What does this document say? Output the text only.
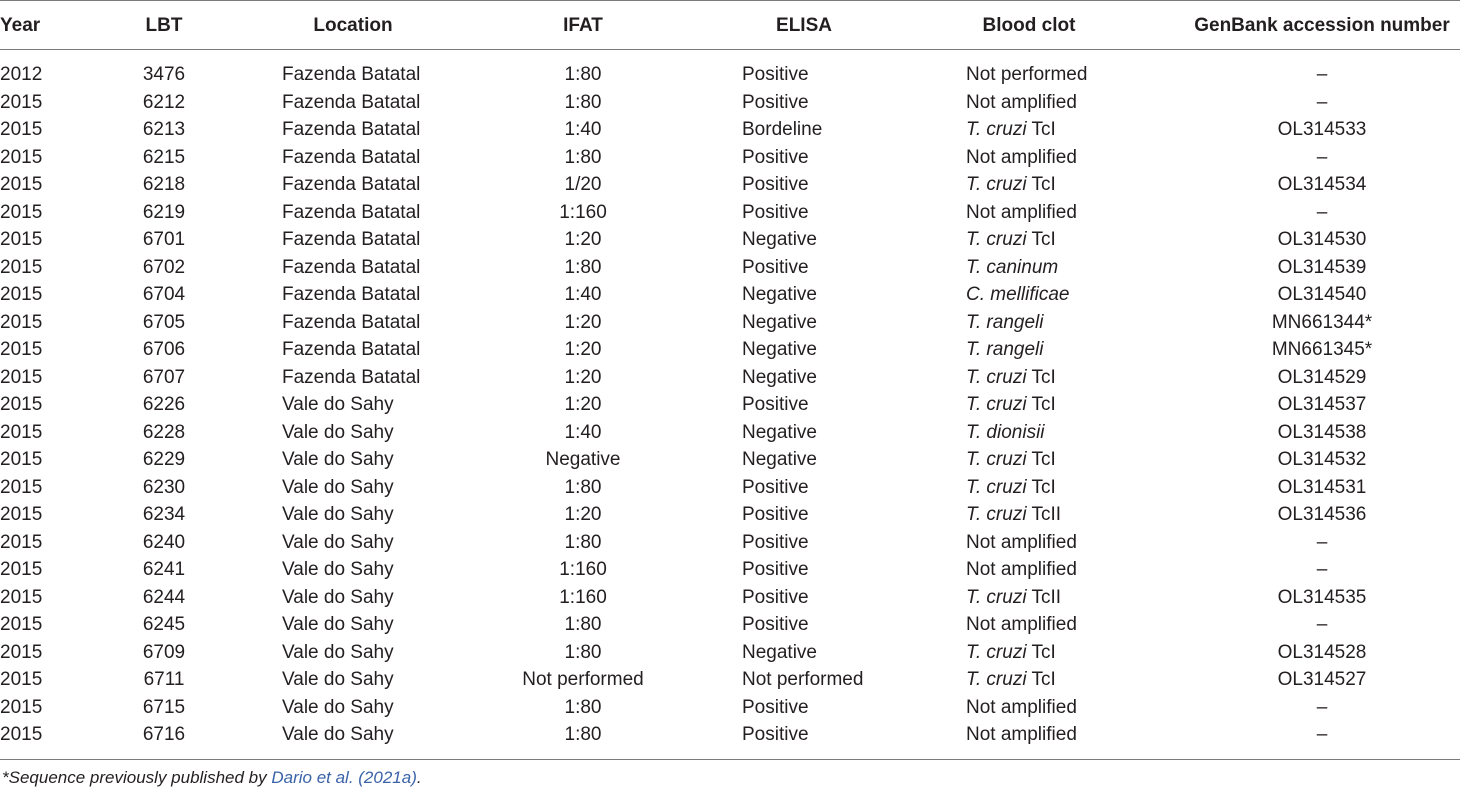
Year	LBT	Location	IFAT	ELISA	Blood clot	GenBank accession number
2012	3476	Fazenda Batatal	1:80	Positive	Not performed	–
2015	6212	Fazenda Batatal	1:80	Positive	Not amplified	–
2015	6213	Fazenda Batatal	1:40	Bordeline	T. cruzi TcI	OL314533
2015	6215	Fazenda Batatal	1:80	Positive	Not amplified	–
2015	6218	Fazenda Batatal	1/20	Positive	T. cruzi TcI	OL314534
2015	6219	Fazenda Batatal	1:160	Positive	Not amplified	–
2015	6701	Fazenda Batatal	1:20	Negative	T. cruzi TcI	OL314530
2015	6702	Fazenda Batatal	1:80	Positive	T. caninum	OL314539
2015	6704	Fazenda Batatal	1:40	Negative	C. mellificae	OL314540
2015	6705	Fazenda Batatal	1:20	Negative	T. rangeli	MN661344*
2015	6706	Fazenda Batatal	1:20	Negative	T. rangeli	MN661345*
2015	6707	Fazenda Batatal	1:20	Negative	T. cruzi TcI	OL314529
2015	6226	Vale do Sahy	1:20	Positive	T. cruzi TcI	OL314537
2015	6228	Vale do Sahy	1:40	Negative	T. dionisii	OL314538
2015	6229	Vale do Sahy	Negative	Negative	T. cruzi TcI	OL314532
2015	6230	Vale do Sahy	1:80	Positive	T. cruzi TcI	OL314531
2015	6234	Vale do Sahy	1:20	Positive	T. cruzi TcII	OL314536
2015	6240	Vale do Sahy	1:80	Positive	Not amplified	–
2015	6241	Vale do Sahy	1:160	Positive	Not amplified	–
2015	6244	Vale do Sahy	1:160	Positive	T. cruzi TcII	OL314535
2015	6245	Vale do Sahy	1:80	Positive	Not amplified	–
2015	6709	Vale do Sahy	1:80	Negative	T. cruzi TcI	OL314528
2015	6711	Vale do Sahy	Not performed	Not performed	T. cruzi TcI	OL314527
2015	6715	Vale do Sahy	1:80	Positive	Not amplified	–
2015	6716	Vale do Sahy	1:80	Positive	Not amplified	–
*Sequence previously published by Dario et al. (2021a).
